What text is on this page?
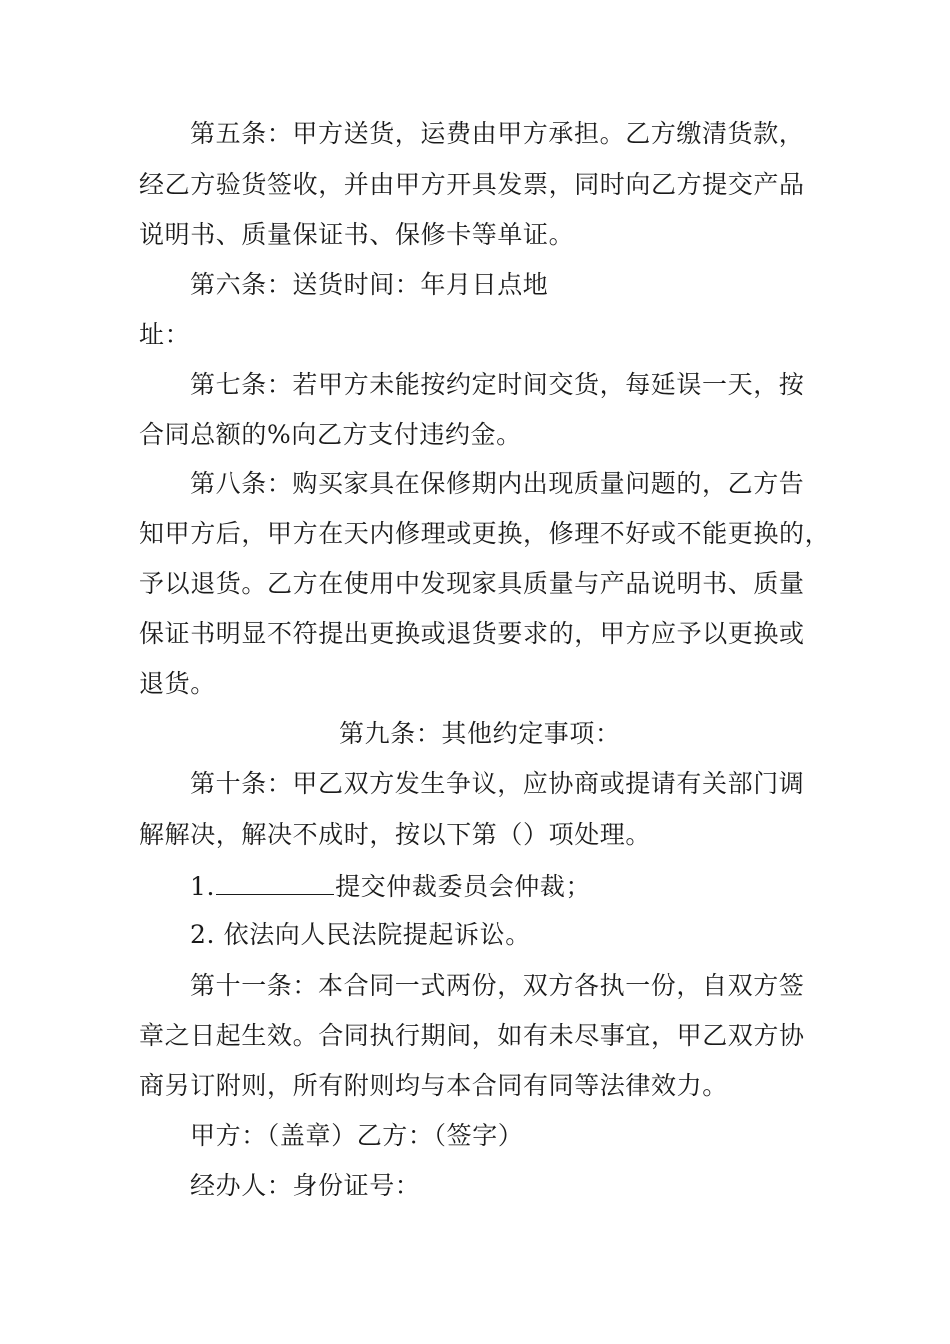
第五条：甲方送货，运费由甲方承担。乙方缴清货款，

经乙方验货签收，并由甲方开具发票，同时向乙方提交产品

说明书、质量保证书、保修卡等单证。

第六条：送货时间：年月日点地

址：

第七条：若甲方未能按约定时间交货，每延误一天，按

合同总额的%向乙方支付违约金。

第八条：购买家具在保修期内出现质量问题的，乙方告

知甲方后，甲方在天内修理或更换，修理不好或不能更换的，

予以退货。乙方在使用中发现家具质量与产品说明书、质量

保证书明显不符提出更换或退货要求的，甲方应予以更换或

退货。

第九条：其他约定事项：

第十条：甲乙双方发生争议，应协商或提请有关部门调

解解决，解决不成时，按以下第（）项处理。

1.	提交仲裁委员会仲裁；

2. 依法向人民法院提起诉讼。

第十一条：本合同一式两份，双方各执一份，自双方签

章之日起生效。合同执行期间，如有未尽事宜，甲乙双方协

商另订附则，所有附则均与本合同有同等法律效力。

甲方：（盖章）乙方：（签字）

经办人：身份证号：
